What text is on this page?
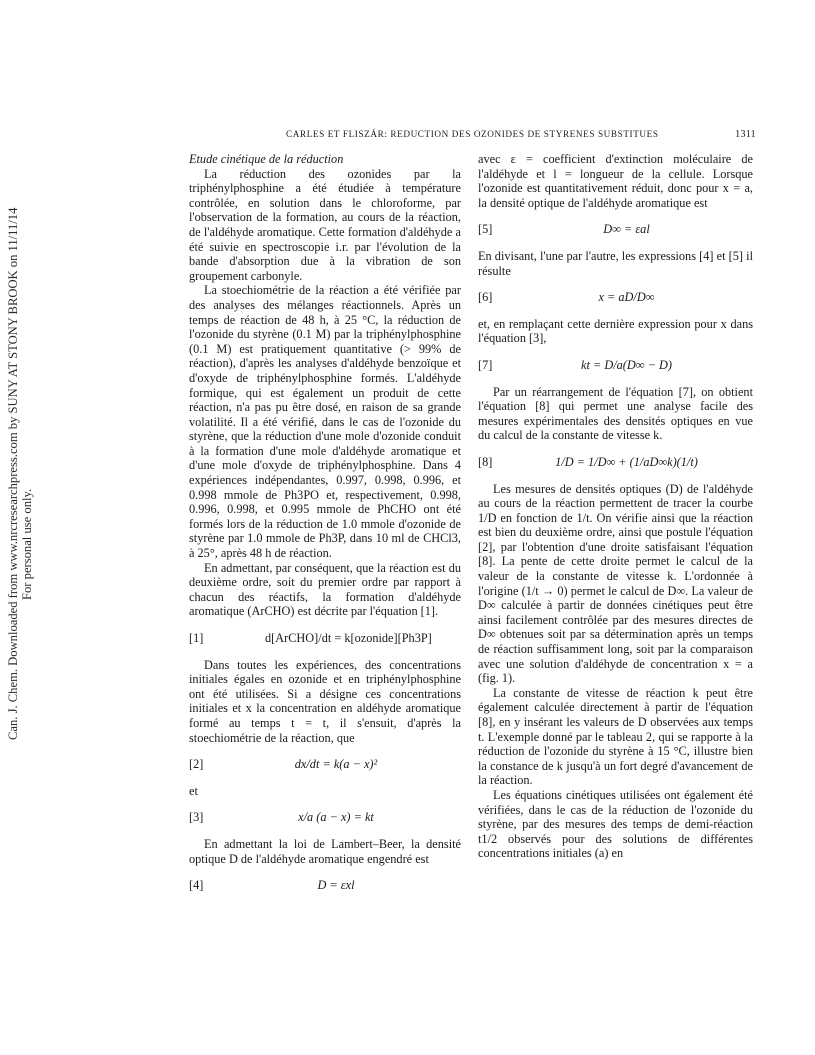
Can. J. Chem. Downloaded from www.nrcresearchpress.com by SUNY AT STONY BROOK on 11/11/14 For personal use only.
CARLES ET FLISZÁR: REDUCTION DES OZONIDES DE STYRENES SUBSTITUES	1311

Etude cinétique de la réduction

La réduction des ozonides par la triphénylphosphine a été étudiée à température contrôlée, en solution dans le chloroforme, par l'observation de la formation, au cours de la réaction, de l'aldéhyde aromatique. Cette formation d'aldéhyde a été suivie en spectroscopie i.r. par l'évolution de la bande d'absorption due à la vibration de son groupement carbonyle.

La stoechiométrie de la réaction a été vérifiée par des analyses des mélanges réactionnels. Après un temps de réaction de 48 h, à 25 °C, la réduction de l'ozonide du styrène (0.1 M) par la triphénylphosphine (0.1 M) est pratiquement quantitative (> 99% de réaction), d'après les analyses d'aldéhyde benzoïque et d'oxyde de triphénylphosphine formés. L'aldéhyde formique, qui est également un produit de cette réaction, n'a pas pu être dosé, en raison de sa grande volatilité. Il a été vérifié, dans le cas de l'ozonide du styrène, que la réduction d'une mole d'ozonide conduit à la formation d'une mole d'aldéhyde aromatique et d'une mole d'oxyde de triphénylphosphine. Dans 4 expériences indépendantes, 0.997, 0.998, 0.996, et 0.998 mmole de Ph3PO et, respectivement, 0.998, 0.996, 0.998, et 0.995 mmole de PhCHO ont été formés lors de la réduction de 1.0 mmole d'ozonide de styrène par 1.0 mmole de Ph3P, dans 10 ml de CHCl3, à 25°, après 48 h de réaction.

En admettant, par conséquent, que la réaction est du deuxième ordre, soit du premier ordre par rapport à chacun des réactifs, la formation d'aldéhyde aromatique (ArCHO) est décrite par l'équation [1].

[1]	d[ArCHO]/dt = k[ozonide][Ph3P]

Dans toutes les expériences, des concentrations initiales égales en ozonide et en triphénylphosphine ont été utilisées. Si a désigne ces concentrations initiales et x la concentration en aldéhyde aromatique formé au temps t = t, il s'ensuit, d'après la stoechiométrie de la réaction, que

[2]	dx/dt = k(a − x)²

et

[3]	x/a (a − x) = kt

En admettant la loi de Lambert–Beer, la densité optique D de l'aldéhyde aromatique engendré est

[4]	D = εxl

avec ε = coefficient d'extinction moléculaire de l'aldéhyde et l = longueur de la cellule. Lorsque l'ozonide est quantitativement réduit, donc pour x = a, la densité optique de l'aldéhyde aromatique est

[5]	D∞ = εal

En divisant, l'une par l'autre, les expressions [4] et [5] il résulte

[6]	x = aD/D∞

et, en remplaçant cette dernière expression pour x dans l'équation [3],

[7]	kt = D/a(D∞ − D)

Par un réarrangement de l'équation [7], on obtient l'équation [8] qui permet une analyse facile des mesures expérimentales des densités optiques en vue du calcul de la constante de vitesse k.

[8]	1/D = 1/D∞ + (1/aD∞k)(1/t)

Les mesures de densités optiques (D) de l'aldéhyde au cours de la réaction permettent de tracer la courbe 1/D en fonction de 1/t. On vérifie ainsi que la réaction est bien du deuxième ordre, ainsi que postule l'équation [2], par l'obtention d'une droite satisfaisant l'équation [8]. La pente de cette droite permet le calcul de la valeur de la constante de vitesse k. L'ordonnée à l'origine (1/t → 0) permet le calcul de D∞. La valeur de D∞ calculée à partir de données cinétiques peut être ainsi facilement contrôlée par des mesures directes de D∞ obtenues soit par sa détermination après un temps de réaction suffisamment long, soit par la comparaison avec une solution d'aldéhyde de concentration x = a (fig. 1).

La constante de vitesse de réaction k peut être également calculée directement à partir de l'équation [8], en y insérant les valeurs de D observées aux temps t. L'exemple donné par le tableau 2, qui se rapporte à la réduction de l'ozonide du styrène à 15 °C, illustre bien la constance de k jusqu'à un fort degré d'avancement de la réaction.

Les équations cinétiques utilisées ont également été vérifiées, dans le cas de la réduction de l'ozonide du styrène, par des mesures des temps de demi-réaction t1/2 observés pour des solutions de différentes concentrations initiales (a) en
